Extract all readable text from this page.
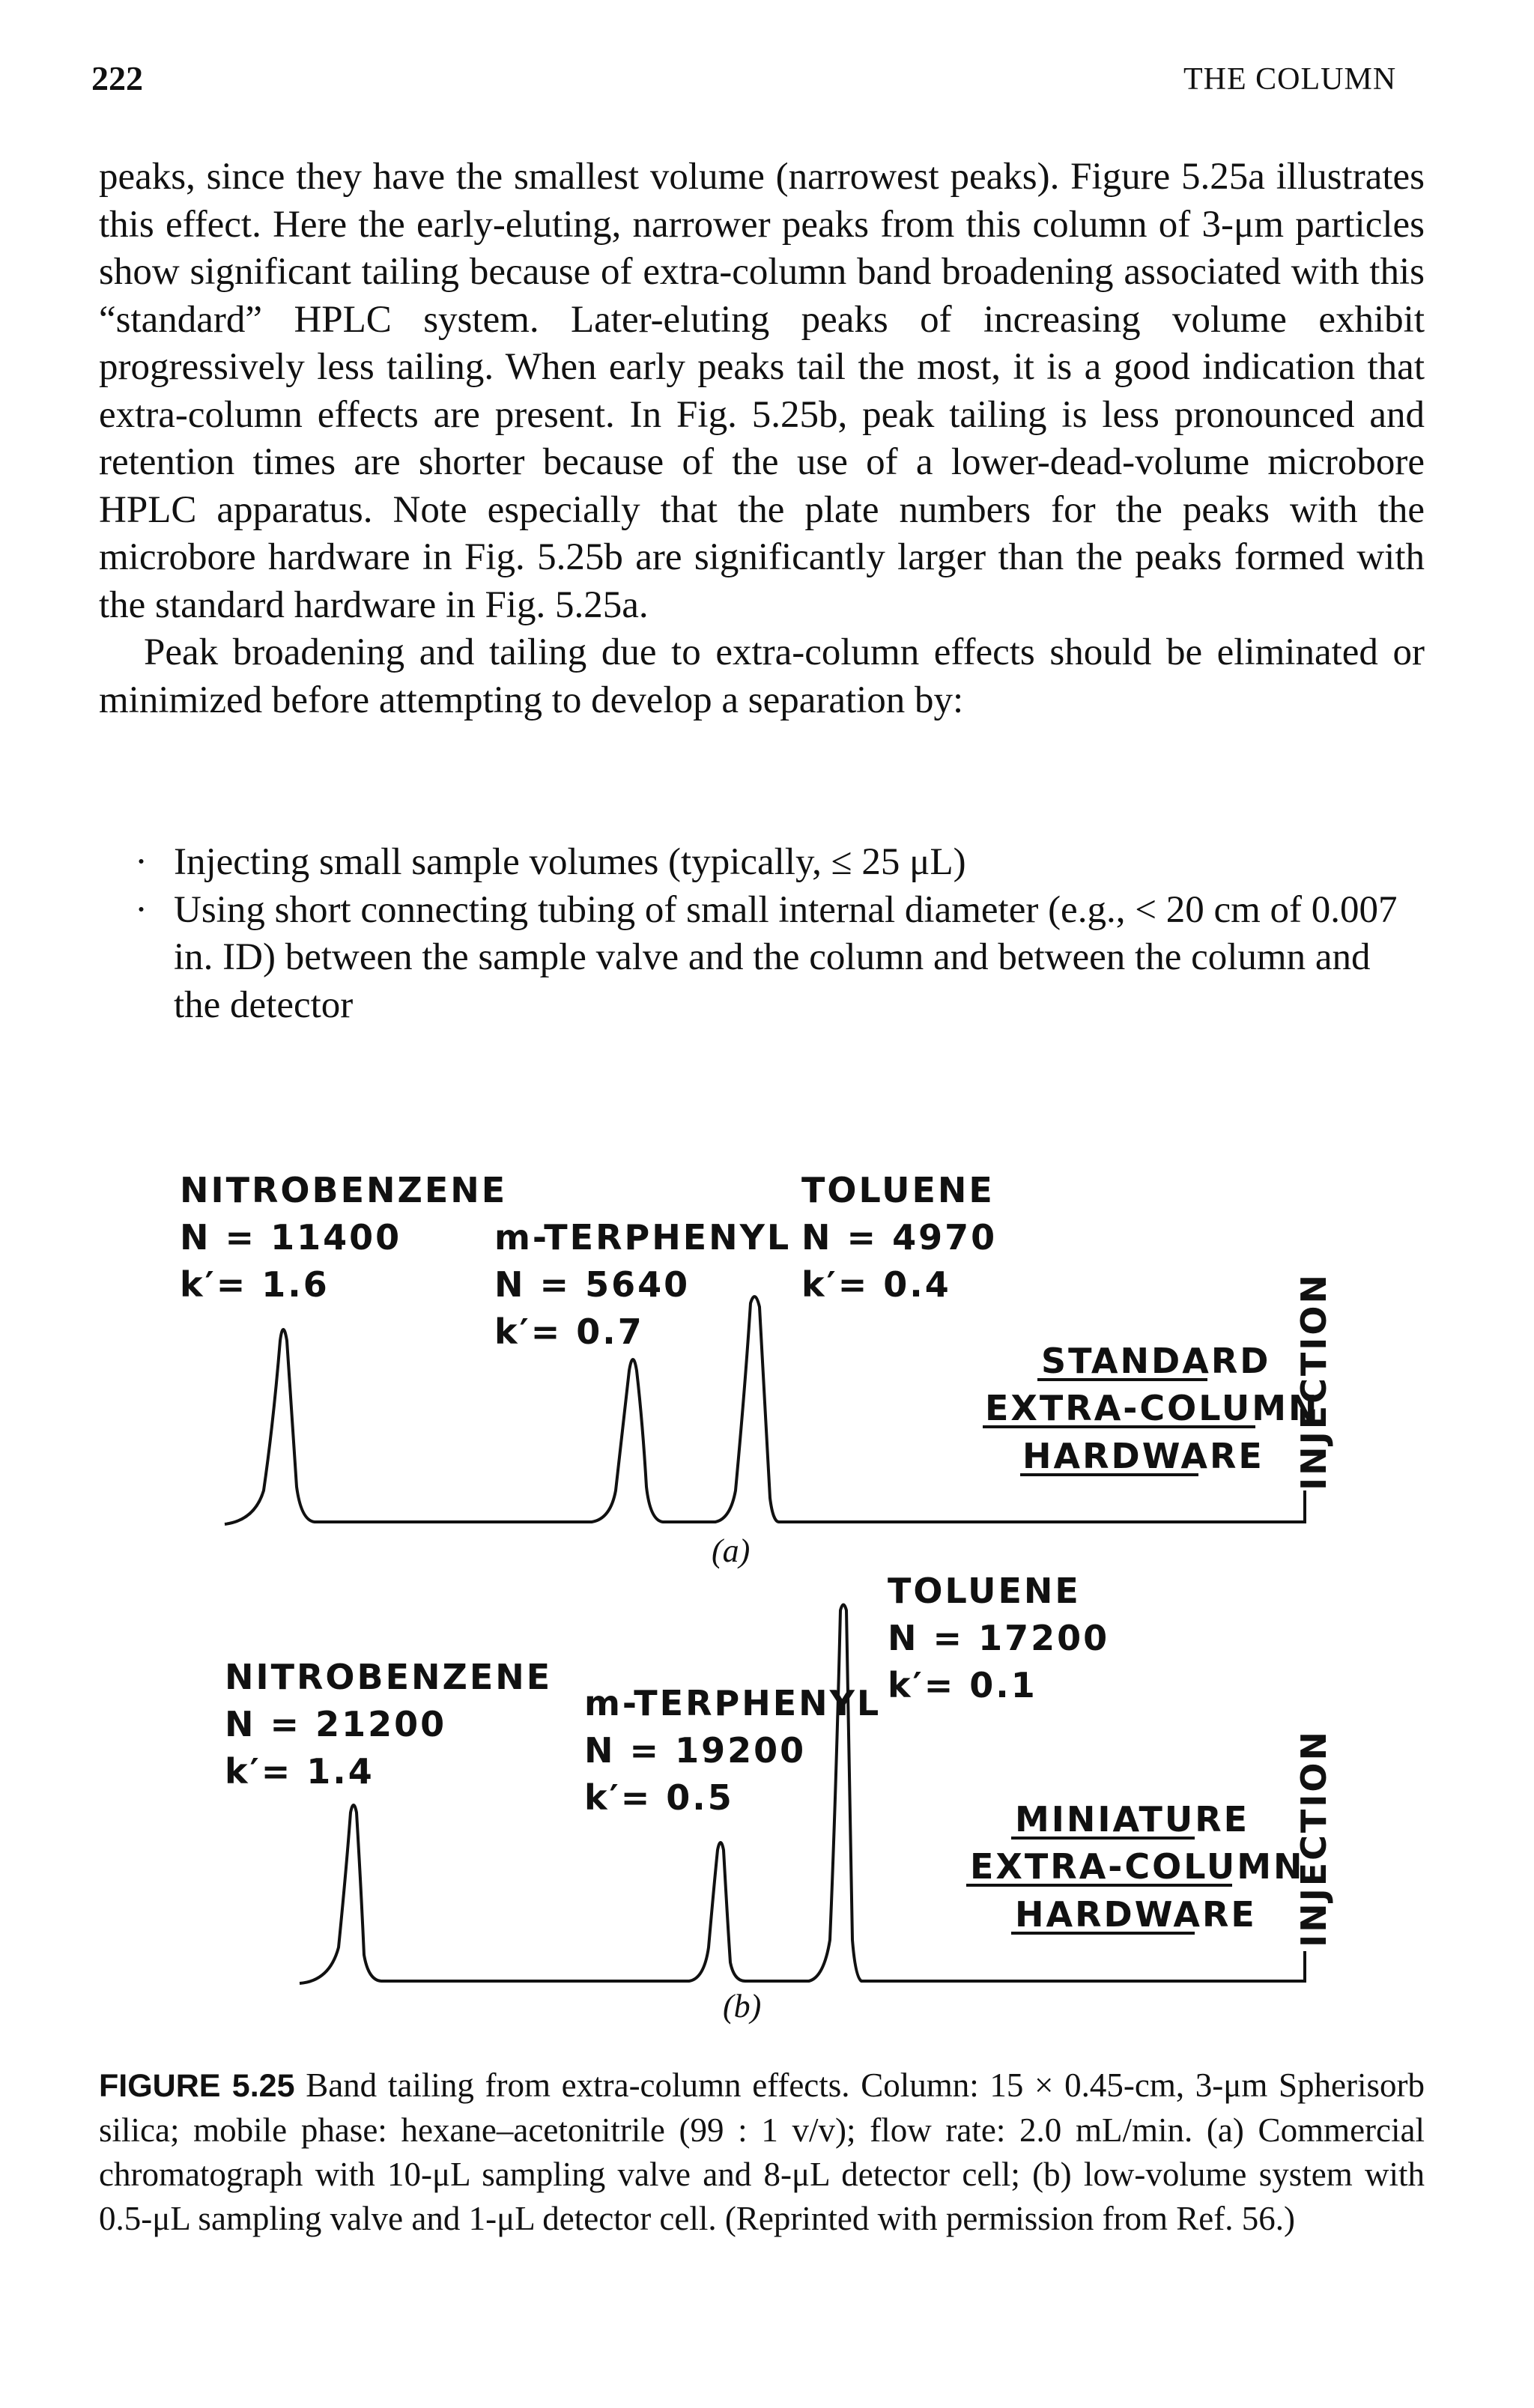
222	THE COLUMN

peaks, since they have the smallest volume (narrowest peaks). Figure 5.25a illustrates this effect. Here the early-eluting, narrower peaks from this column of 3-μm particles show significant tailing because of extra-column band broadening associated with this “standard” HPLC system. Later-eluting peaks of increasing volume exhibit progressively less tailing. When early peaks tail the most, it is a good indication that extra-column effects are present. In Fig. 5.25b, peak tailing is less pronounced and retention times are shorter because of the use of a lower-dead-volume microbore HPLC apparatus. Note especially that the plate numbers for the peaks with the microbore hardware in Fig. 5.25b are significantly larger than the peaks formed with the standard hardware in Fig. 5.25a.

Peak broadening and tailing due to extra-column effects should be eliminated or minimized before attempting to develop a separation by:

· Injecting small sample volumes (typically, ≤ 25 μL)
· Using short connecting tubing of small internal diameter (e.g., < 20 cm of 0.007 in. ID) between the sample valve and the column and between the column and the detector
NITROBENZENE
N = 11400
k′= 1.6
m-TERPHENYL
N = 5640
k′= 0.7
TOLUENE
N = 4970
k′= 0.4
STANDARD
EXTRA-COLUMN
HARDWARE INJECTION
(a)
NITROBENZENE
N = 21200
k′= 1.4
m-TERPHENYL
N = 19200
k′= 0.5
TOLUENE
N = 17200
k′= 0.1
MINIATURE
EXTRA-COLUMN
HARDWARE INJECTION
(b)
FIGURE 5.25 Band tailing from extra-column effects. Column: 15 × 0.45-cm, 3-μm Spherisorb silica; mobile phase: hexane–acetonitrile (99 : 1 v/v); flow rate: 2.0 mL/min. (a) Commercial chromatograph with 10-μL sampling valve and 8-μL detector cell; (b) low-volume system with 0.5-μL sampling valve and 1-μL detector cell. (Reprinted with permission from Ref. 56.)
